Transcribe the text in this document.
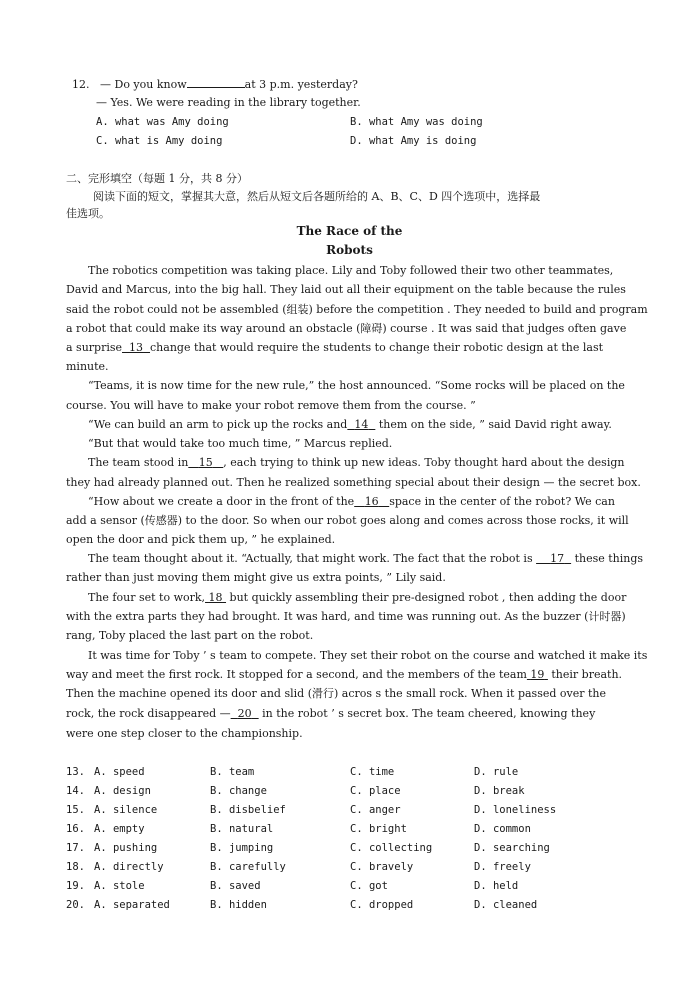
12. — Do you know	at 3 p.m. yesterday?
— Yes. We were reading in the library together.
A. what was Amy doing	B. what Amy was doing
C. what is Amy doing	D. what Amy is doing
二、完形填空（每题 1 分，共 8 分）
阅读下面的短文，掌握其大意，然后从短文后各题所给的 A、B、C、D 四个选项中，选择最
佳选项。
The Race of the
Robots
The robotics competition was taking place. Lily and Toby followed their two other teammates,
David and Marcus, into the big hall. They laid out all their equipment on the table because the rules
said the robot could not be assembled (组装) before the competition . They needed to build and program
a robot that could make its way around an obstacle (障碍) course . It was said that judges often gave
a surprise 13 change that would require the students to change their robotic design at the last
minute.
“Teams, it is now time for the new rule,” the host announced. “Some rocks will be placed on the
course. You will have to make your robot remove them from the course. ”
“We can build an arm to pick up the rocks and 14 them on the side, ” said David right away.
“But that would take too much time, ” Marcus replied.
The team stood in 15 , each trying to think up new ideas. Toby thought hard about the design
they had already planned out. Then he realized something special about their design — the secret box.
“How about we create a door in the front of the 16 space in the center of the robot? We can
add a sensor (传感器) to the door. So when our robot goes along and comes across those rocks, it will
open the door and pick them up, ” he explained.
The team thought about it. “Actually, that might work. The fact that the robot is 17 these things
rather than just moving them might give us extra points, ” Lily said.
The four set to work, 18 but quickly assembling their pre-designed robot , then adding the door
with the extra parts they had brought. It was hard, and time was running out. As the buzzer (计时器)
rang, Toby placed the last part on the robot.
It was time for Toby ’ s team to compete. They set their robot on the course and watched it make its
way and meet the first rock. It stopped for a second, and the members of the team 19 their breath.
Then the machine opened its door and slid (滑行) acros s the small rock. When it passed over the
rock, the rock disappeared — 20 in the robot ’ s secret box. The team cheered, knowing they
were one step closer to the championship.
13. A. speed	B. team	C. time	D. rule
14. A. design	B. change	C. place	D. break
15. A. silence	B. disbelief	C. anger	D. loneliness
16. A. empty	B. natural	C. bright	D. common
17. A. pushing	B. jumping	C. collecting	D. searching
18. A. directly	B. carefully	C. bravely	D. freely
19. A. stole	B. saved	C. got	D. held
20. A. separated	B. hidden	C. dropped	D. cleaned
